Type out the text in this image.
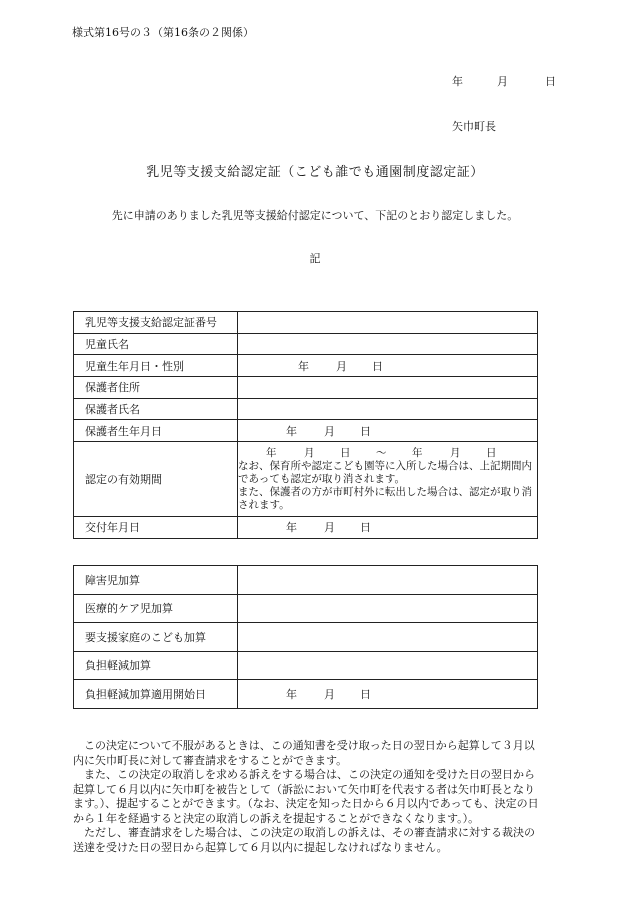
様式第16号の３（第16条の２関係）
年	月	日
矢巾町長
乳児等支援支給認定証（こども誰でも通園制度認定証）
先に申請のありました乳児等支援給付認定について、下記のとおり認定しました。
記
乳児等支援支給認定証番号	
児童氏名	
児童生年月日・性別	年 月 日
保護者住所	
保護者氏名	
保護者生年月日	年 月 日
認定の有効期間	年 月 日 ～ 年 月 日
なお、保育所や認定こども園等に入所した場合は、上記期間内であっても認定が取り消されます。
また、保護者の方が市町村外に転出した場合は、認定が取り消されます。

交付年月日	年 月 日
障害児加算	
医療的ケア児加算	
要支援家庭のこども加算	
負担軽減加算	
負担軽減加算適用開始日	年 月 日

この決定について不服があるときは、この通知書を受け取った日の翌日から起算して３月以内に矢巾町長に対して審査請求をすることができます。

また、この決定の取消しを求める訴えをする場合は、この決定の通知を受けた日の翌日から起算して６月以内に矢巾町を被告として（訴訟において矢巾町を代表する者は矢巾町長となります。）、提起することができます。（なお、決定を知った日から６月以内であっても、決定の日から１年を経過すると決定の取消しの訴えを提起することができなくなります。）。

ただし、審査請求をした場合は、この決定の取消しの訴えは、その審査請求に対する裁決の送達を受けた日の翌日から起算して６月以内に提起しなければなりません。
